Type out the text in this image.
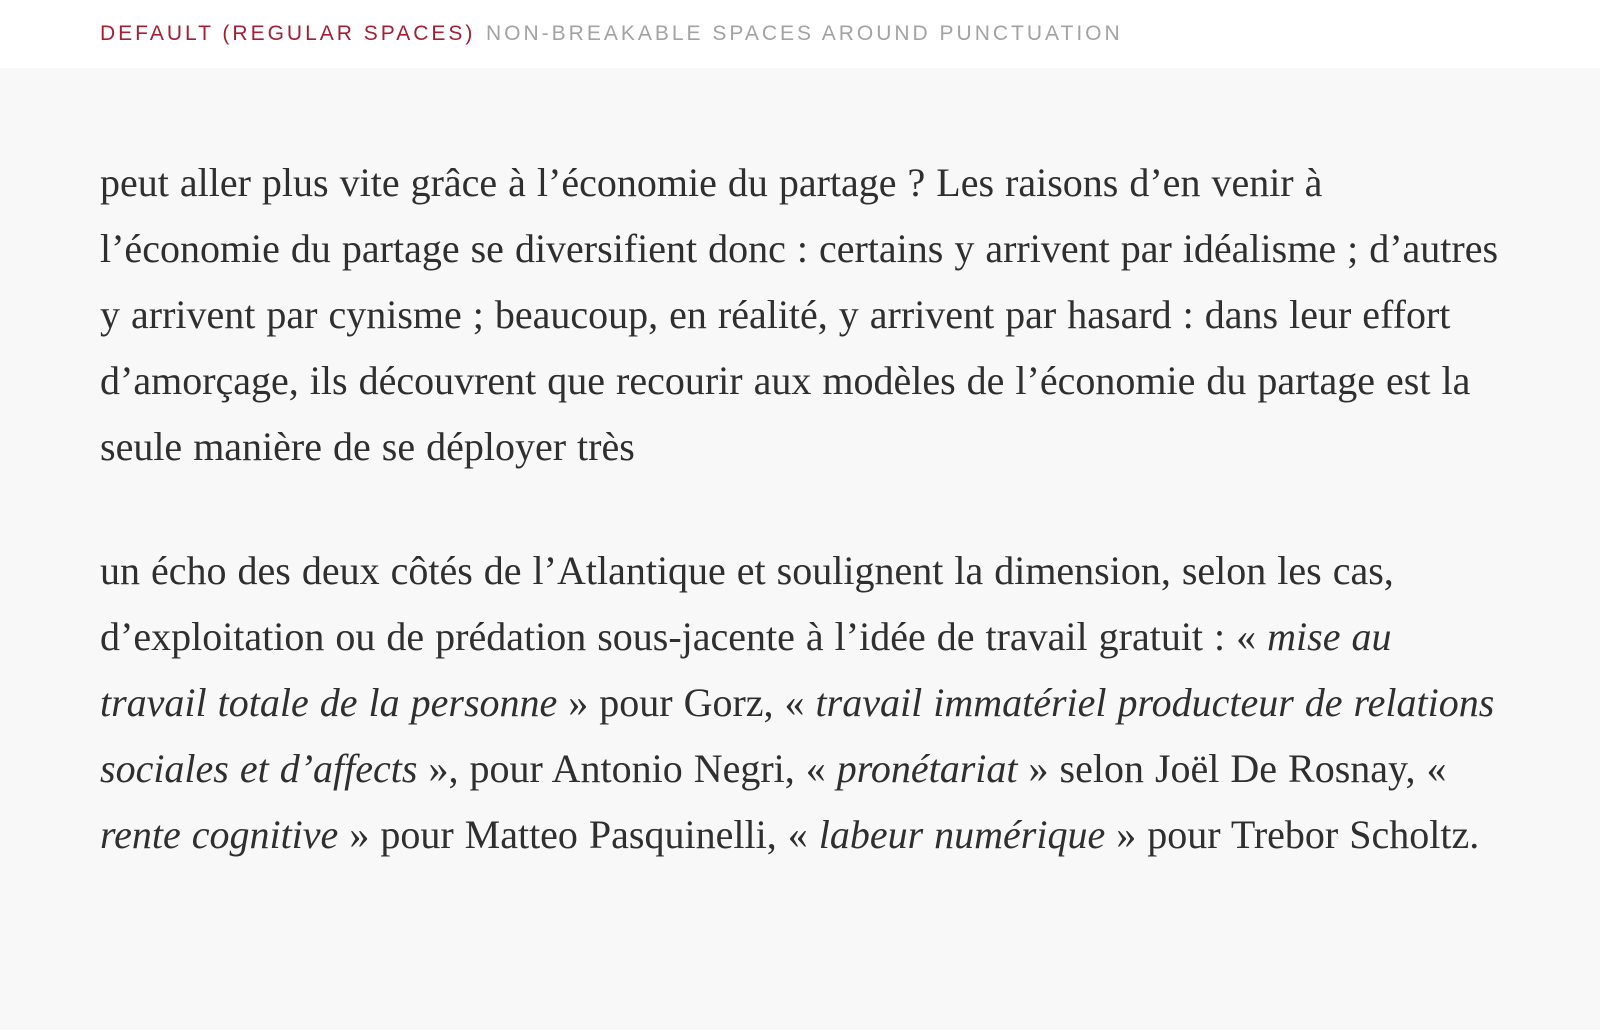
DEFAULT (REGULAR SPACES) NON-BREAKABLE SPACES AROUND PUNCTUATION

peut aller plus vite grâce à l’économie du partage ? Les raisons d’en venir à l’économie du partage se diversifient donc : certains y arrivent par idéalisme ; d’autres y arrivent par cynisme ; beaucoup, en réalité, y arrivent par hasard : dans leur effort d’amorçage, ils découvrent que recourir aux modèles de l’économie du partage est la seule manière de se déployer très

un écho des deux côtés de l’Atlantique et soulignent la dimension, selon les cas, d’exploitation ou de prédation sous-jacente à l’idée de travail gratuit : « mise au travail totale de la personne » pour Gorz, « travail immatériel producteur de relations sociales et d’affects », pour Antonio Negri, « pronétariat » selon Joël De Rosnay, « rente cognitive » pour Matteo Pasquinelli, « labeur numérique » pour Trebor Scholtz.
